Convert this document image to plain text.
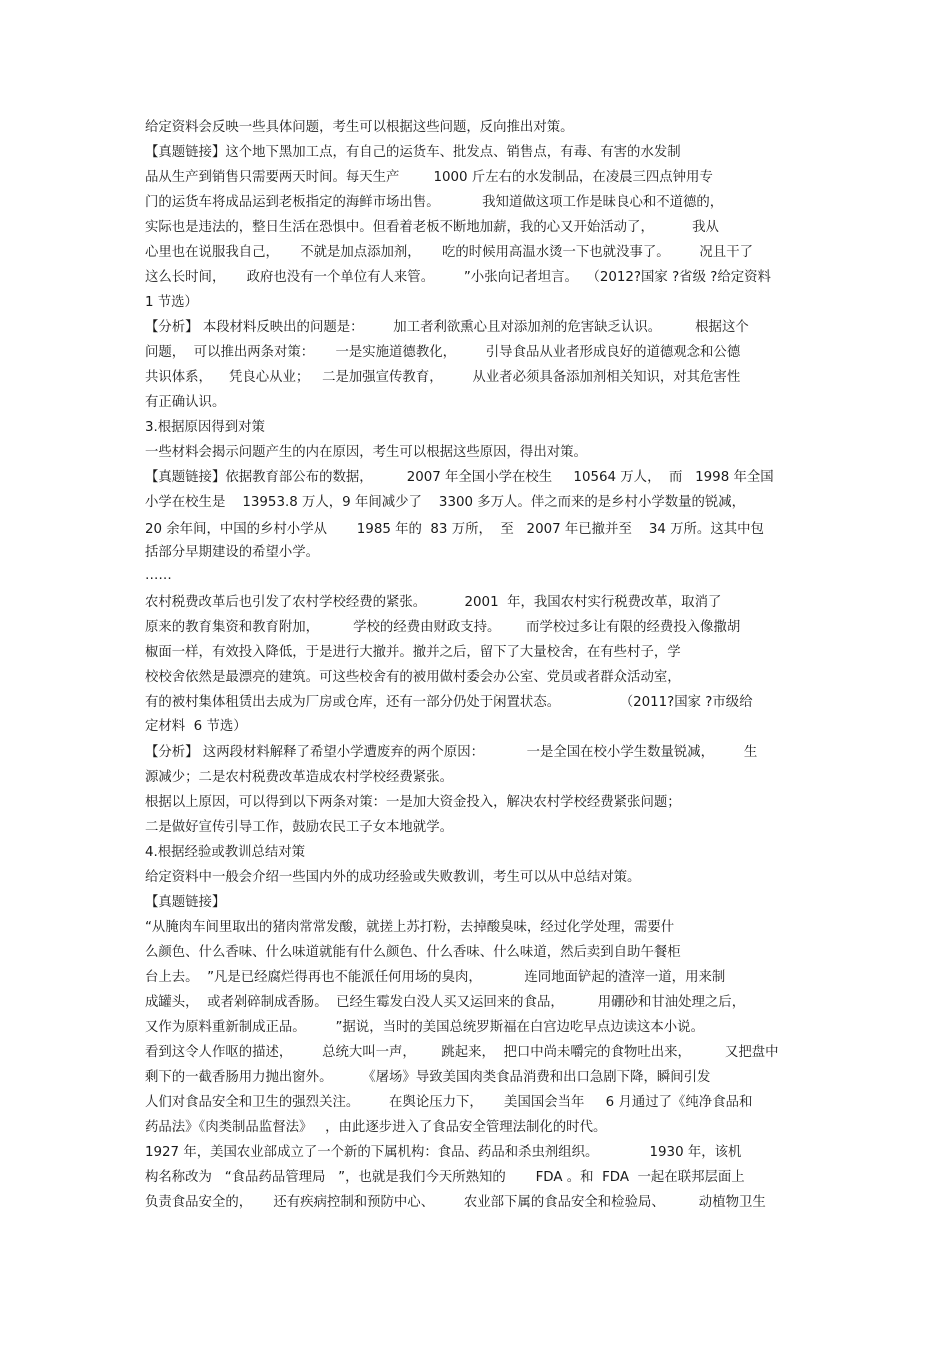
给定资料会反映一些具体问题，考生可以根据这些问题，反向推出对策。
【真题链接】这个地下黑加工点，有自己的运货车、批发点、销售点，有毒、有害的水发制
品从生产到销售只需要两天时间。每天生产        1000 斤左右的水发制品，在凌晨三四点钟用专
门的运货车将成品运到老板指定的海鲜市场出售。          我知道做这项工作是昧良心和不道德的，
实际也是违法的，整日生活在恐惧中。但看着老板不断地加薪，我的心又开始活动了，         我从
心里也在说服我自己，     不就是加点添加剂，     吃的时候用高温水烫一下也就没事了。       况且干了
这么长时间，     政府也没有一个单位有人来管。       ”小张向记者坦言。  （2012?国家 ?省级 ?给定资料
1 节选）
【分析】 本段材料反映出的问题是：       加工者利欲熏心且对添加剂的危害缺乏认识。        根据这个
问题，  可以推出两条对策：     一是实施道德教化，       引导食品从业者形成良好的道德观念和公德
共识体系，    凭良心从业；   二是加强宣传教育，       从业者必须具备添加剂相关知识，对其危害性
有正确认识。
3.根据原因得到对策
一些材料会揭示问题产生的内在原因，考生可以根据这些原因，得出对策。
【真题链接】依据教育部公布的数据，        2007 年全国小学在校生     10564 万人，  而   1998 年全国
小学在校生是    13953.8 万人，9 年间减少了    3300 多万人。伴之而来的是乡村小学数量的锐减，
20 余年间，中国的乡村小学从       1985 年的  83 万所，  至   2007 年已撤并至    34 万所。这其中包
括部分早期建设的希望小学。
……
农村税费改革后也引发了农村学校经费的紧张。         2001  年，我国农村实行税费改革，取消了
原来的教育集资和教育附加，        学校的经费由财政支持。      而学校过多让有限的经费投入像撒胡
椒面一样，有效投入降低，于是进行大撤并。撤并之后，留下了大量校舍，在有些村子，学
校校舍依然是最漂亮的建筑。可这些校舍有的被用做村委会办公室、党员或者群众活动室，
有的被村集体租赁出去成为厂房或仓库，还有一部分仍处于闲置状态。              （2011?国家 ?市级给
定材料  6 节选）
【分析】 这两段材料解释了希望小学遭废弃的两个原因：          一是全国在校小学生数量锐减，       生
源减少；二是农村税费改革造成农村学校经费紧张。
根据以上原因，可以得到以下两条对策：一是加大资金投入，解决农村学校经费紧张问题；
二是做好宣传引导工作，鼓励农民工子女本地就学。
4.根据经验或教训总结对策
给定资料中一般会介绍一些国内外的成功经验或失败教训，考生可以从中总结对策。
【真题链接】
“从腌肉车间里取出的猪肉常常发酸，就搓上苏打粉，去掉酸臭味，经过化学处理，需要什
么颜色、什么香味、什么味道就能有什么颜色、什么香味、什么味道，然后卖到自助午餐柜
台上去。  ”凡是已经腐烂得再也不能派任何用场的臭肉，          连同地面铲起的渣滓一道，用来制
成罐头，  或者剁碎制成香肠。  已经生霉发白没人买又运回来的食品，        用硼砂和甘油处理之后，
又作为原料重新制成正品。       ”据说，当时的美国总统罗斯福在白宫边吃早点边读这本小说。
看到这令人作呕的描述，       总统大叫一声，      跳起来，  把口中尚未嚼完的食物吐出来，        又把盘中
剩下的一截香肠用力抛出窗外。       《屠场》导致美国肉类食品消费和出口急剧下降，瞬间引发
人们对食品安全和卫生的强烈关注。       在舆论压力下，     美国国会当年     6 月通过了《纯净食品和
药品法》《肉类制品监督法》   ，由此逐步进入了食品安全管理法制化的时代。
1927 年，美国农业部成立了一个新的下属机构：食品、药品和杀虫剂组织。            1930 年，该机
构名称改为   “食品药品管理局   ”，也就是我们今天所熟知的       FDA 。和  FDA  一起在联邦层面上
负责食品安全的，     还有疾病控制和预防中心、       农业部下属的食品安全和检验局、        动植物卫生
